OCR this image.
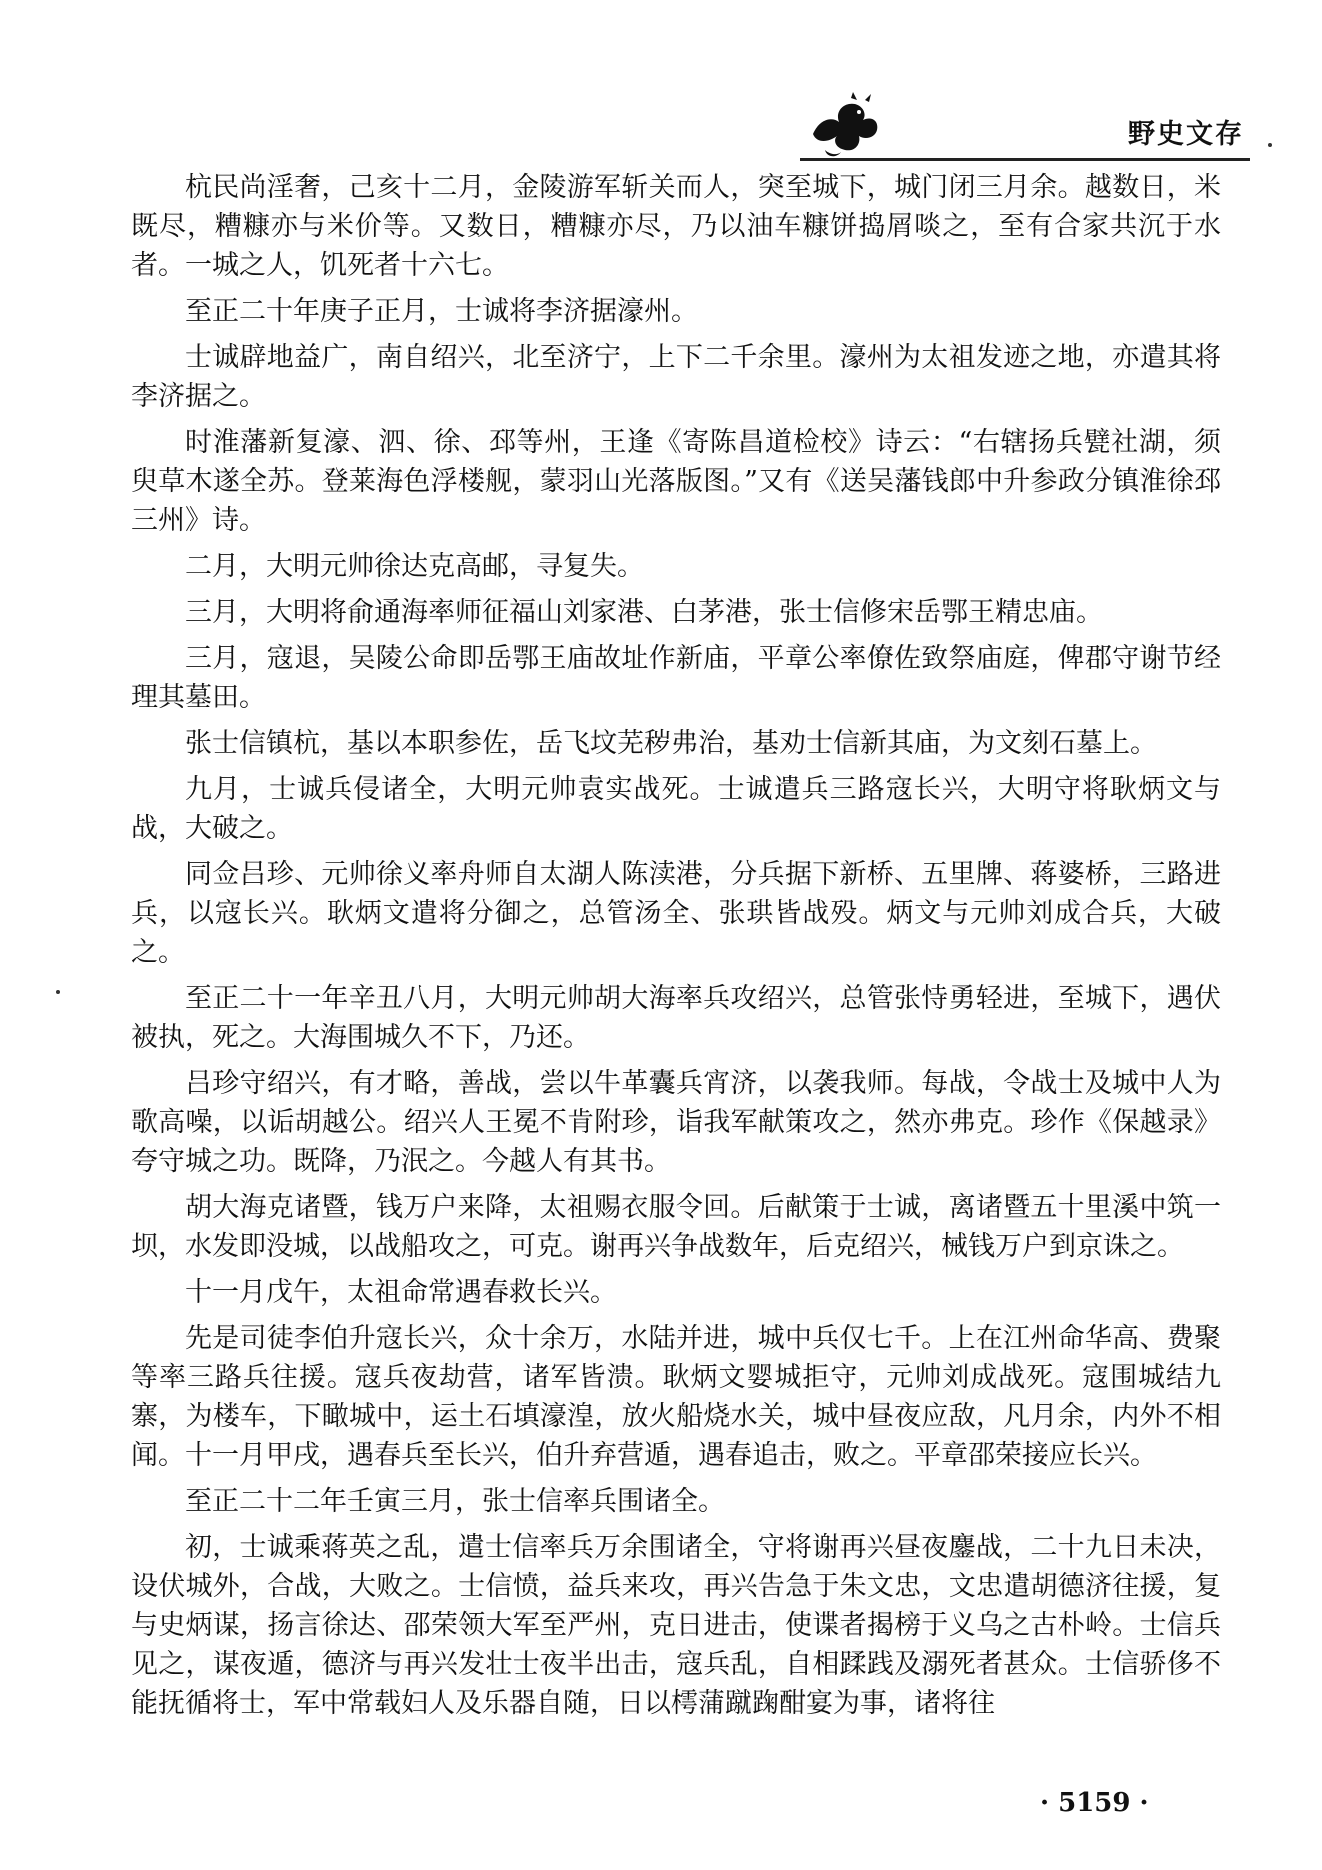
野史文存

杭民尚淫奢，己亥十二月，金陵游军斩关而人，突至城下，城门闭三月余。越数日，米既尽，糟糠亦与米价等。又数日，糟糠亦尽，乃以油车糠饼捣屑啖之，至有合家共沉于水者。一城之人，饥死者十六七。

至正二十年庚子正月，士诚将李济据濠州。

士诚辟地益广，南自绍兴，北至济宁，上下二千余里。濠州为太祖发迹之地，亦遣其将李济据之。

时淮藩新复濠、泗、徐、邳等州，王逢《寄陈昌道检校》诗云：“右辖扬兵甓社湖，须臾草木遂全苏。登莱海色浮楼舰，蒙羽山光落版图。”又有《送吴藩钱郎中升参政分镇淮徐邳三州》诗。

二月，大明元帅徐达克高邮，寻复失。

三月，大明将俞通海率师征福山刘家港、白茅港，张士信修宋岳鄂王精忠庙。

三月，寇退，吴陵公命即岳鄂王庙故址作新庙，平章公率僚佐致祭庙庭，俾郡守谢节经理其墓田。

张士信镇杭，基以本职参佐，岳飞坟芜秽弗治，基劝士信新其庙，为文刻石墓上。

九月，士诚兵侵诸全，大明元帅袁实战死。士诚遣兵三路寇长兴，大明守将耿炳文与战，大破之。

同佥吕珍、元帅徐义率舟师自太湖人陈渎港，分兵据下新桥、五里牌、蒋婆桥，三路进兵，以寇长兴。耿炳文遣将分御之，总管汤全、张珙皆战殁。炳文与元帅刘成合兵，大破之。

至正二十一年辛丑八月，大明元帅胡大海率兵攻绍兴，总管张恃勇轻进，至城下，遇伏被执，死之。大海围城久不下，乃还。

吕珍守绍兴，有才略，善战，尝以牛革囊兵宵济，以袭我师。每战，令战士及城中人为歌高噪，以诟胡越公。绍兴人王冕不肯附珍，诣我军献策攻之，然亦弗克。珍作《保越录》夸守城之功。既降，乃泯之。今越人有其书。

胡大海克诸暨，钱万户来降，太祖赐衣服令回。后献策于士诚，离诸暨五十里溪中筑一坝，水发即没城，以战船攻之，可克。谢再兴争战数年，后克绍兴，械钱万户到京诛之。

十一月戊午，太祖命常遇春救长兴。

先是司徒李伯升寇长兴，众十余万，水陆并进，城中兵仅七千。上在江州命华高、费聚等率三路兵往援。寇兵夜劫营，诸军皆溃。耿炳文婴城拒守，元帅刘成战死。寇围城结九寨，为楼车，下瞰城中，运土石填濠湟，放火船烧水关，城中昼夜应敌，凡月余，内外不相闻。十一月甲戌，遇春兵至长兴，伯升弃营遁，遇春追击，败之。平章邵荣接应长兴。

至正二十二年壬寅三月，张士信率兵围诸全。

初，士诚乘蒋英之乱，遣士信率兵万余围诸全，守将谢再兴昼夜鏖战，二十九日未决，设伏城外，合战，大败之。士信愤，益兵来攻，再兴告急于朱文忠，文忠遣胡德济往援，复与史炳谋，扬言徐达、邵荣领大军至严州，克日进击，使谍者揭榜于义乌之古朴岭。士信兵见之，谋夜遁，德济与再兴发壮士夜半出击，寇兵乱，自相蹂践及溺死者甚众。士信骄侈不能抚循将士，军中常载妇人及乐器自随，日以樗蒲蹴踘酣宴为事，诸将往

· 5159 ·
